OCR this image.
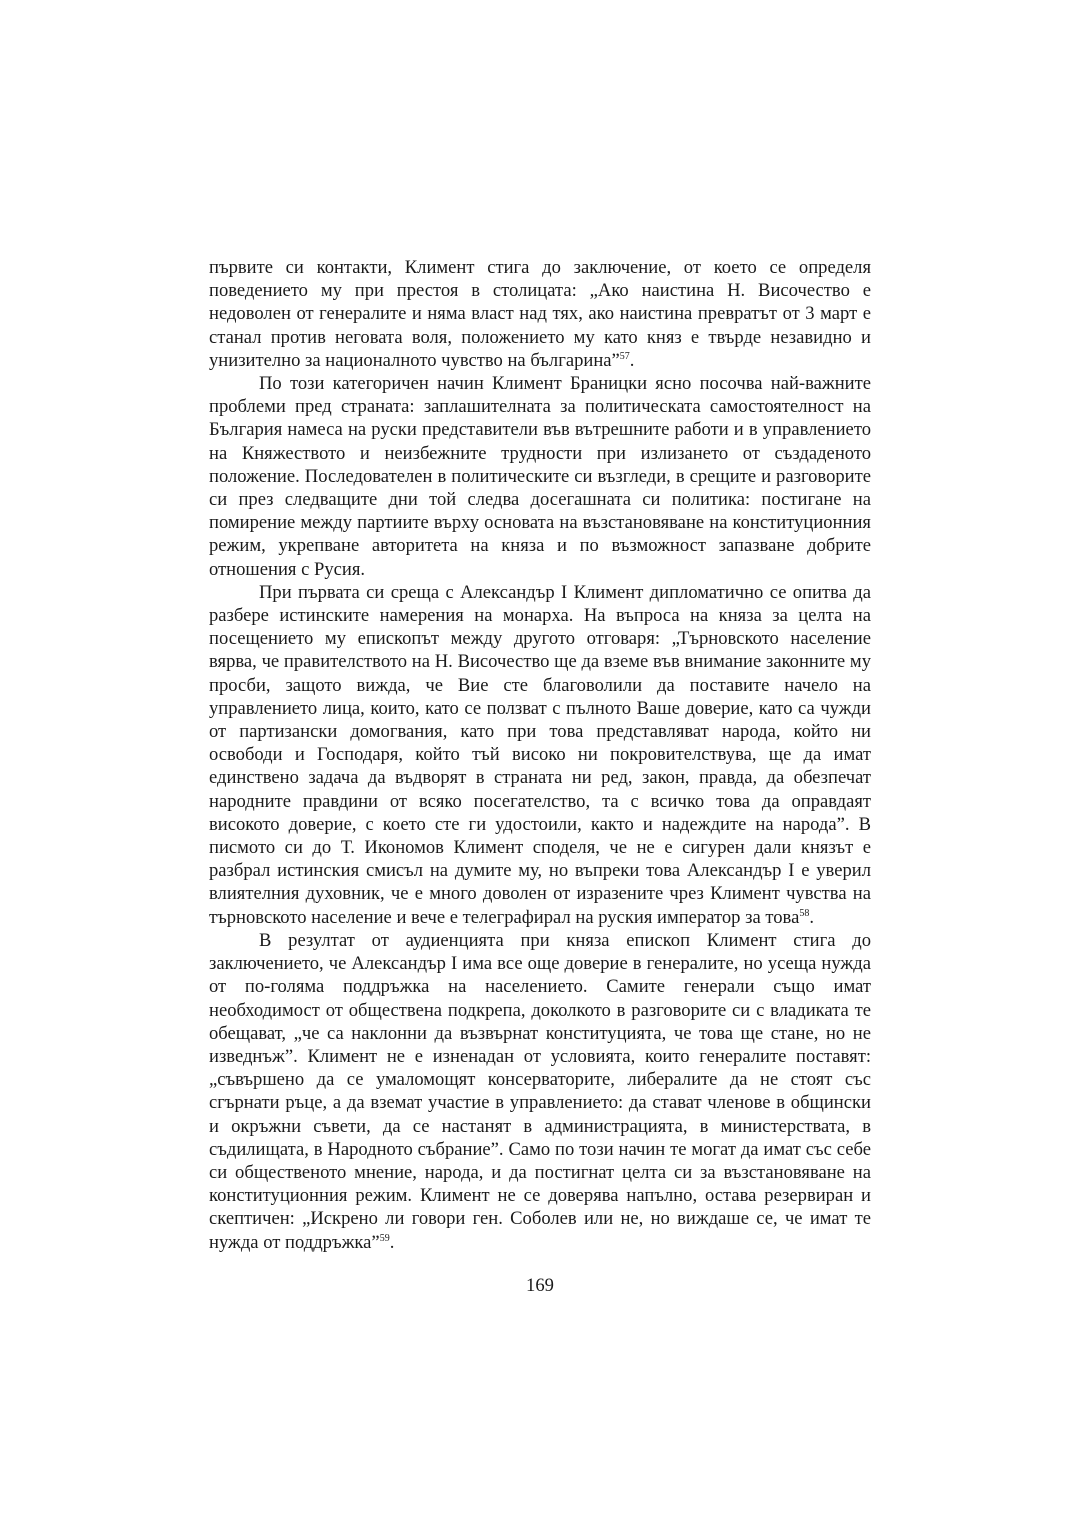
първите си контакти, Климент стига до заключение, от което се определя поведението му при престоя в столицата: „Ако наистина Н. Височество е недоволен от генералите и няма власт над тях, ако наистина превратът от 3 март е станал против неговата воля, положението му като княз е твърде незавидно и унизително за националното чувство на българина”$^{57}$.

По този категоричен начин Климент Браницки ясно посочва най-важните проблеми пред страната: заплашителната за политическата самостоятелност на България намеса на руски представители във вътрешните работи и в управлението на Княжеството и неизбежните трудности при излизането от създаденото положение. Последователен в политическите си възгледи, в срещите и разговорите си през следващите дни той следва досегашната си политика: постигане на помирение между партиите върху основата на възстановяване на конституционния режим, укрепване авторитета на княза и по възможност запазване добрите отношения с Русия.

При първата си среща с Александър I Климент дипломатично се опитва да разбере истинските намерения на монарха. На въпроса на княза за целта на посещението му епископът между другото отговаря: „Търновското население вярва, че правителството на Н. Височество ще да вземе във внимание законните му просби, защото вижда, че Вие сте благоволили да поставите начело на управлението лица, които, като се ползват с пълното Ваше доверие, като са чужди от партизански домогвания, като при това представляват народа, който ни освободи и Господаря, който тъй високо ни покровителствува, ще да имат единствено задача да въдворят в страната ни ред, закон, правда, да обезпечат народните правдини от всяко посегателство, та с всичко това да оправдаят високото доверие, с което сте ги удостоили, както и надеждите на народа”. В писмото си до Т. Икономов Климент споделя, че не е сигурен дали князът е разбрал истинския смисъл на думите му, но въпреки това Александър I е уверил влиятелния духовник, че е много доволен от изразените чрез Климент чувства на търновското население и вече е телеграфирал на руския император за това$^{58}$.

В резултат от аудиенцията при княза епископ Климент стига до заключението, че Александър I има все още доверие в генералите, но усеща нужда от по-голяма поддръжка на населението. Самите генерали също имат необходимост от обществена подкрепа, доколкото в разговорите си с владиката те обещават, „че са наклонни да възвърнат конституцията, че това ще стане, но не изведнъж”. Климент не е изненадан от условията, които генералите поставят: „съвършено да се умаломощят консерваторите, либералите да не стоят със сгърнати ръце, а да вземат участие в управлението: да стават членове в общински и окръжни съвети, да се настанят в администрацията, в министерствата, в съдилищата, в Народното събрание”. Само по този начин те могат да имат със себе си общественото мнение, народа, и да постигнат целта си за възстановяване на конституционния режим. Климент не се доверява напълно, остава резервиран и скептичен: „Искрено ли говори ген. Соболев или не, но виждаше се, че имат те нужда от поддръжка”$^{59}$.

169
